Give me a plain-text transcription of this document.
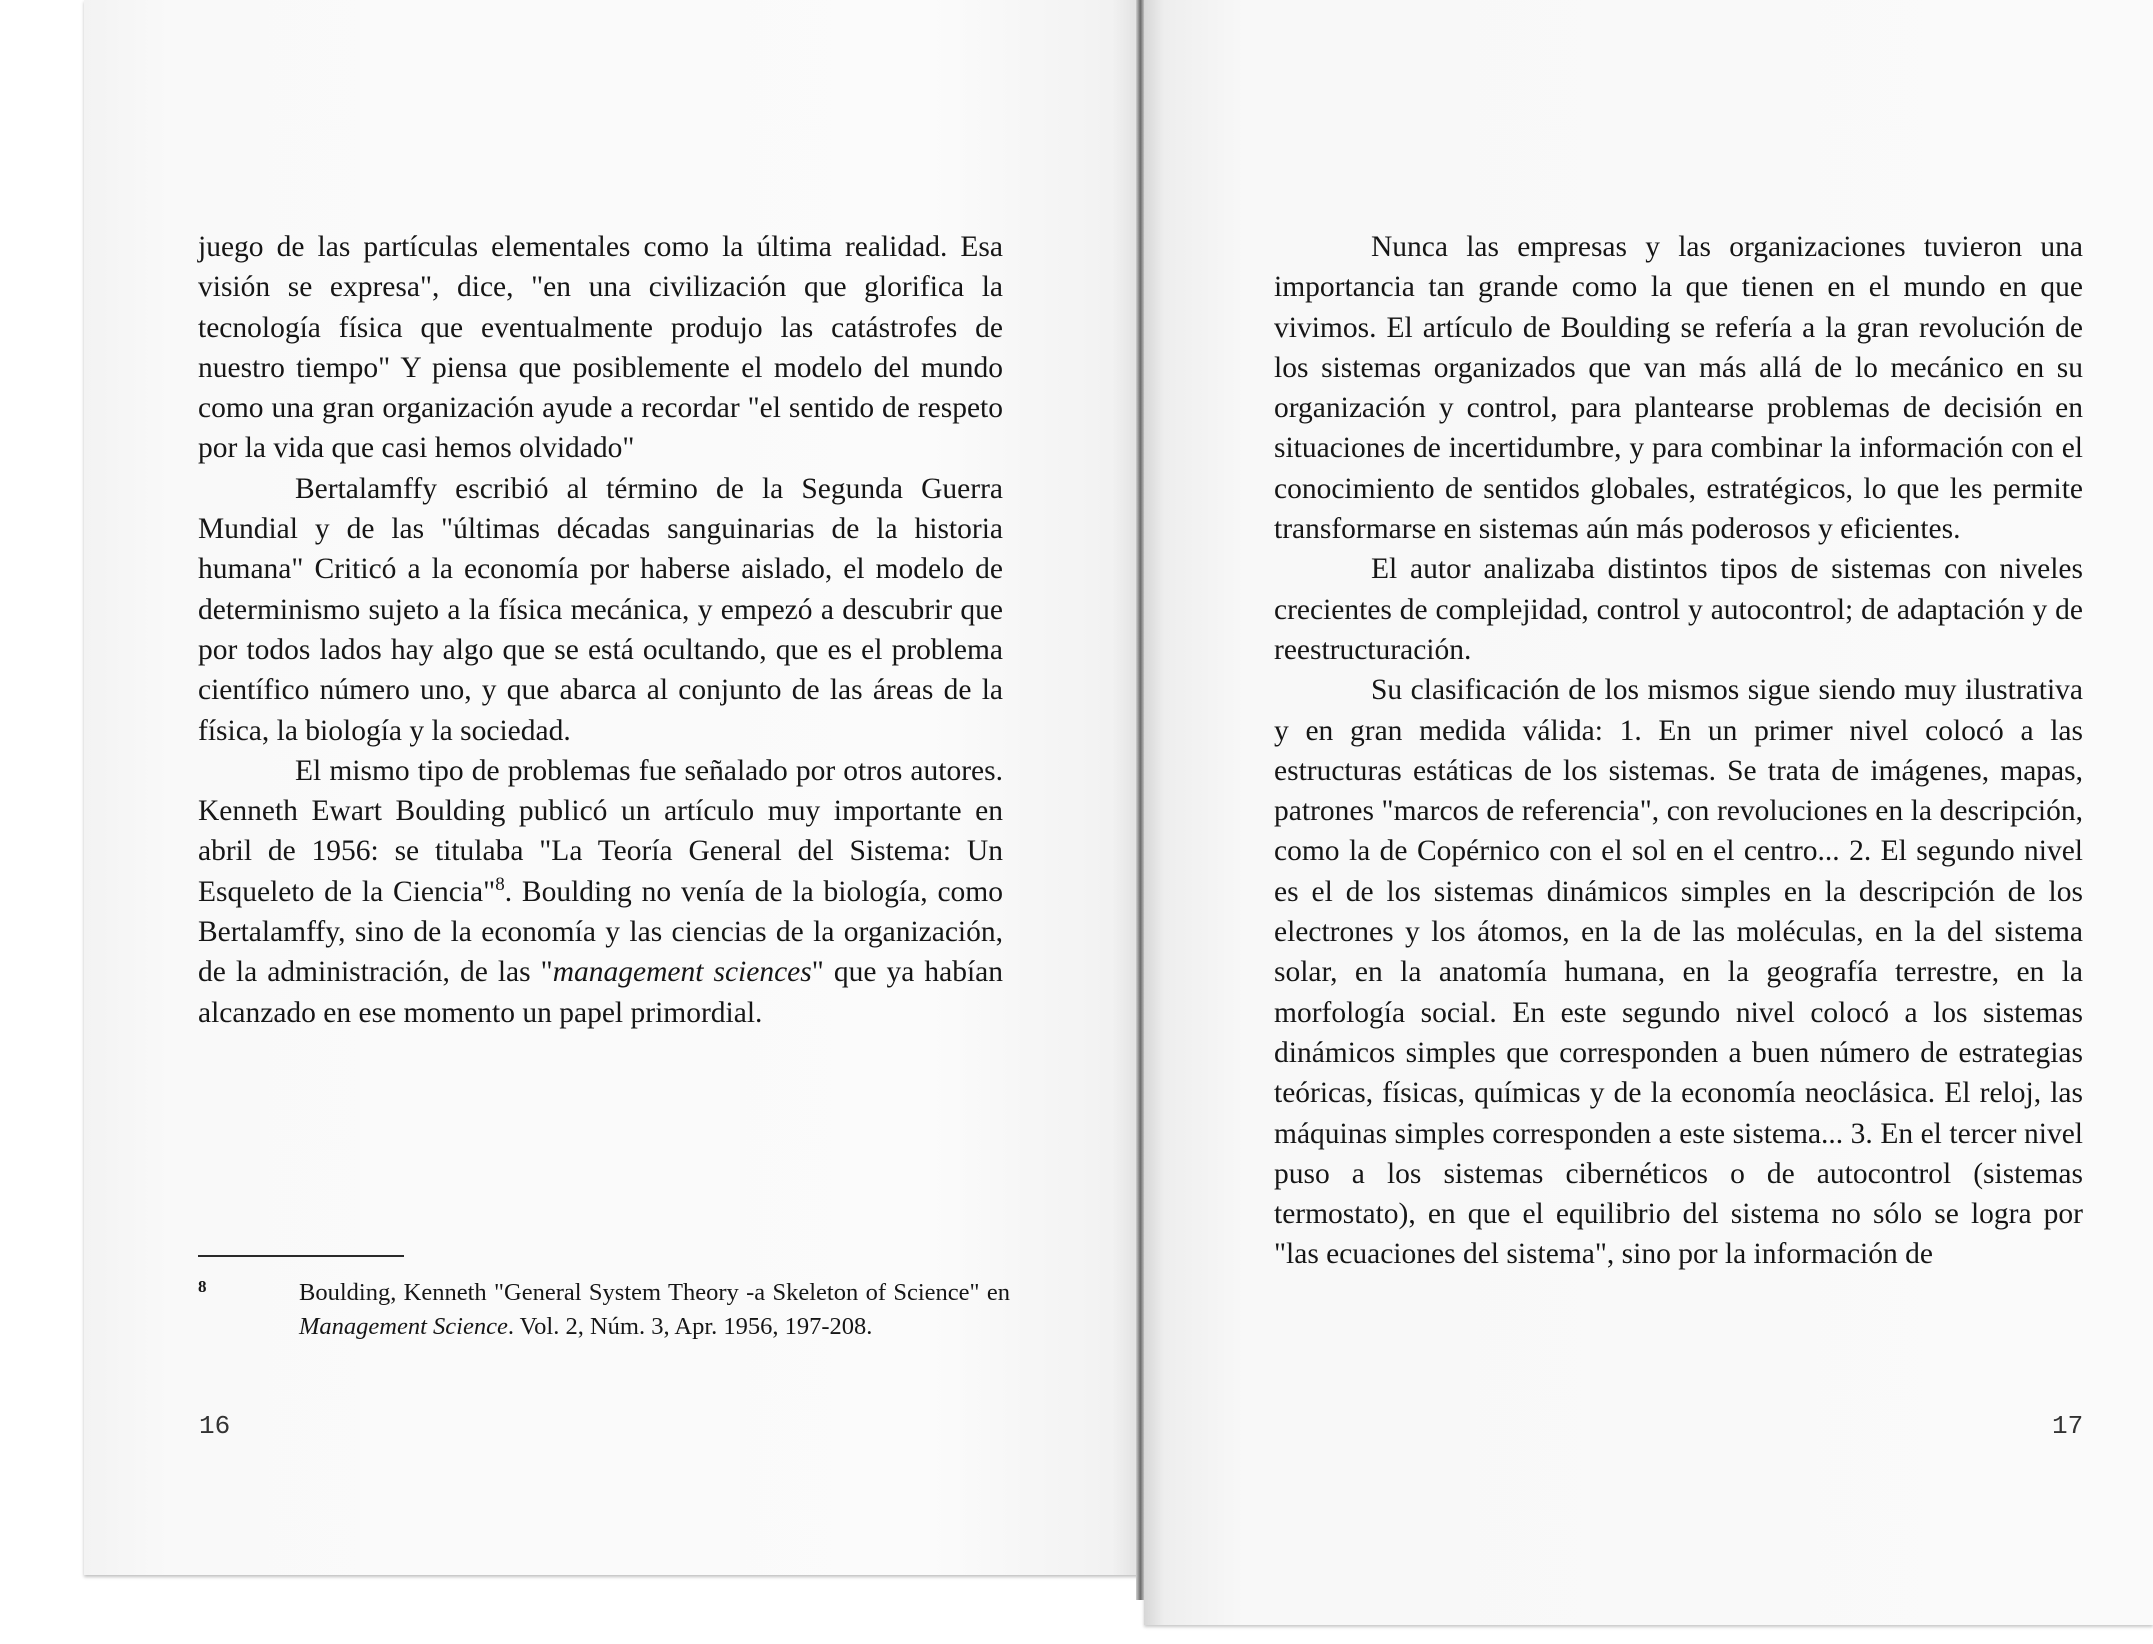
juego de las partículas elementales como la última realidad. Esa visión se expresa", dice, "en una civilización que glorifica la tecnología física que eventualmente produjo las catástrofes de nuestro tiempo" Y piensa que posiblemente el modelo del mundo como una gran organización ayude a recordar "el sentido de respeto por la vida que casi hemos olvidado"

Bertalamffy escribió al término de la Segunda Guerra Mundial y de las "últimas décadas sanguinarias de la historia humana" Criticó a la economía por haberse aislado, el modelo de determinismo sujeto a la física mecánica, y empezó a descubrir que por todos lados hay algo que se está ocultando, que es el problema científico número uno, y que abarca al conjunto de las áreas de la física, la biología y la sociedad.

El mismo tipo de problemas fue señalado por otros autores. Kenneth Ewart Boulding publicó un artículo muy importante en abril de 1956: se titulaba "La Teoría General del Sistema: Un Esqueleto de la Ciencia"$^8$. Boulding no venía de la biología, como Bertalamffy, sino de la economía y las ciencias de la organización, de la administración, de las "management sciences" que ya habían alcanzado en ese momento un papel primordial.

8	Boulding, Kenneth "General System Theory -a Skeleton of Science" en Management Science. Vol. 2, Núm. 3, Apr. 1956, 197-208.
16

Nunca las empresas y las organizaciones tuvieron una importancia tan grande como la que tienen en el mundo en que vivimos. El artículo de Boulding se refería a la gran revolución de los sistemas organizados que van más allá de lo mecánico en su organización y control, para plantearse problemas de decisión en situaciones de incertidumbre, y para combinar la información con el conocimiento de sentidos globales, estratégicos, lo que les permite transformarse en sistemas aún más poderosos y eficientes.

El autor analizaba distintos tipos de sistemas con niveles crecientes de complejidad, control y autocontrol; de adaptación y de reestructuración.

Su clasificación de los mismos sigue siendo muy ilustrativa y en gran medida válida: 1. En un primer nivel colocó a las estructuras estáticas de los sistemas. Se trata de imágenes, mapas, patrones "marcos de referencia", con revoluciones en la descripción, como la de Copérnico con el sol en el centro... 2. El segundo nivel es el de los sistemas dinámicos simples en la descripción de los electrones y los átomos, en la de las moléculas, en la del sistema solar, en la anatomía humana, en la geografía terrestre, en la morfología social. En este segundo nivel colocó a los sistemas dinámicos simples que corresponden a buen número de estrategias teóricas, físicas, químicas y de la economía neoclásica. El reloj, las máquinas simples corresponden a este sistema... 3. En el tercer nivel puso a los sistemas cibernéticos o de autocontrol (sistemas termostato), en que el equilibrio del sistema no sólo se logra por "las ecuaciones del sistema", sino por la información de

17
